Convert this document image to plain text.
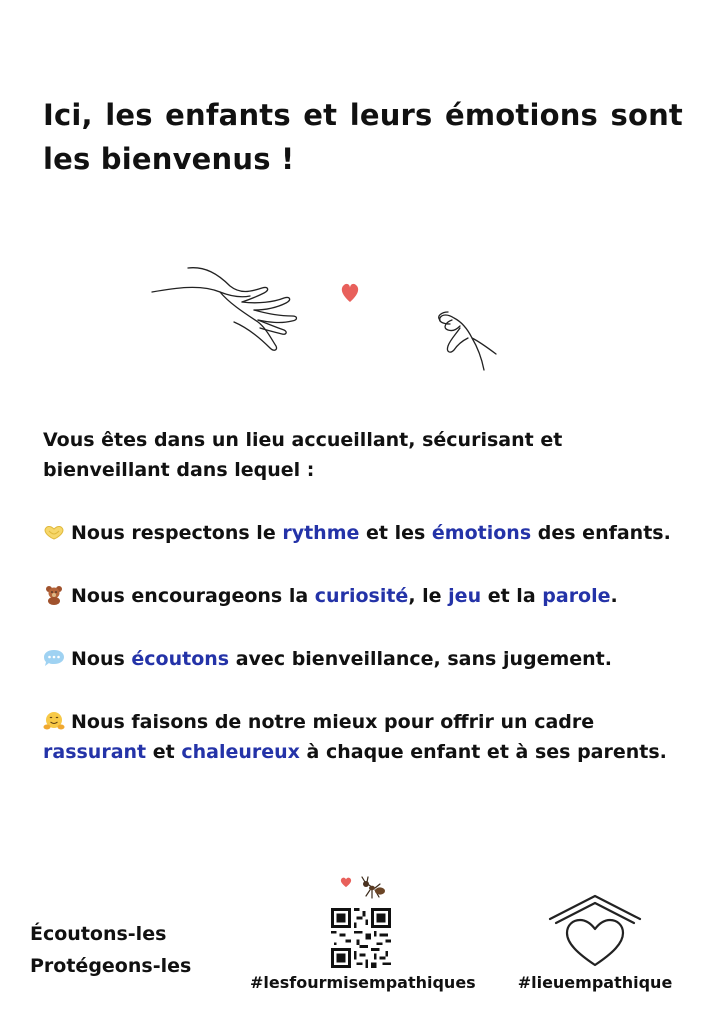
Ici, les enfants et leurs émotions sont les bienvenus !
Vous êtes dans un lieu accueillant, sécurisant et bienveillant dans lequel :
Nous respectons le rythme et les émotions des enfants.
Nous encourageons la curiosité, le jeu et la parole.
Nous écoutons avec bienveillance, sans jugement.
Nous faisons de notre mieux pour offrir un cadre rassurant et chaleureux à chaque enfant et à ses parents.
Écoutons-les
Protégeons-les
#lesfourmisempathiques	#lieuempathique
